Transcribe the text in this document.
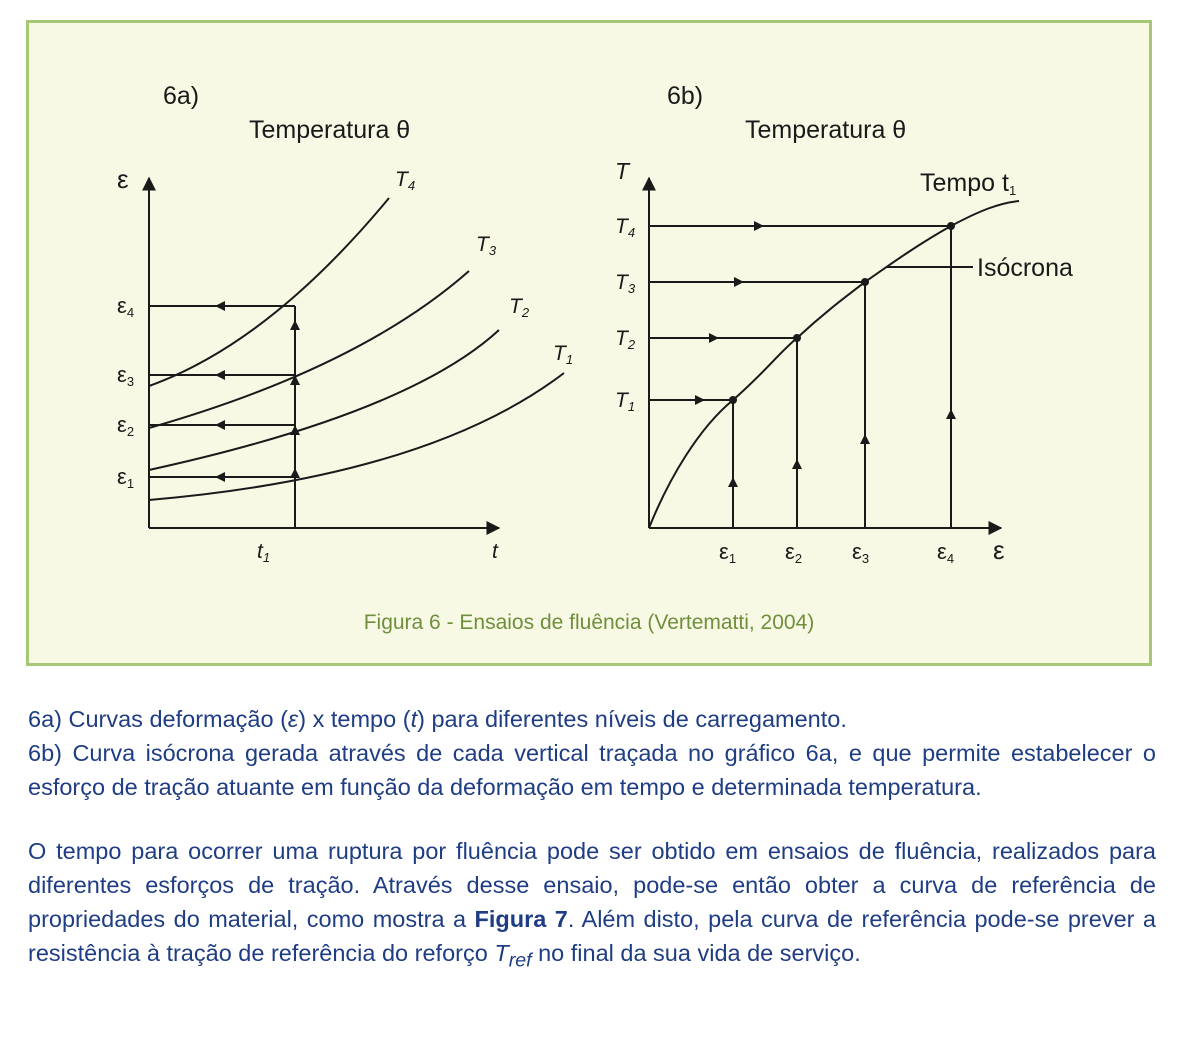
6a)
Temperatura θ
ε
t
t1
ε4
ε3
ε2
ε1
T4
T3
T2
T1
6b)
Temperatura θ
T
ε
Tempo t1
Isócrona
T4
T3
T2
T1
ε1 ε2 ε3	ε4
Figura 6 - Ensaios de fluência (Vertematti, 2004)

6a) Curvas deformação (ε) x tempo (t) para diferentes níveis de carregamento.

6b) Curva isócrona gerada através de cada vertical traçada no gráfico 6a, e que permite estabelecer o esforço de tração atuante em função da deformação em tempo e determinada temperatura.

O tempo para ocorrer uma ruptura por fluência pode ser obtido em ensaios de fluência, realizados para diferentes esforços de tração. Através desse ensaio, pode-se então obter a curva de referência de propriedades do material, como mostra a Figura 7. Além disto, pela curva de referência pode-se prever a resistência à tração de referência do reforço $T_{ref}$ no final da sua vida de serviço.
